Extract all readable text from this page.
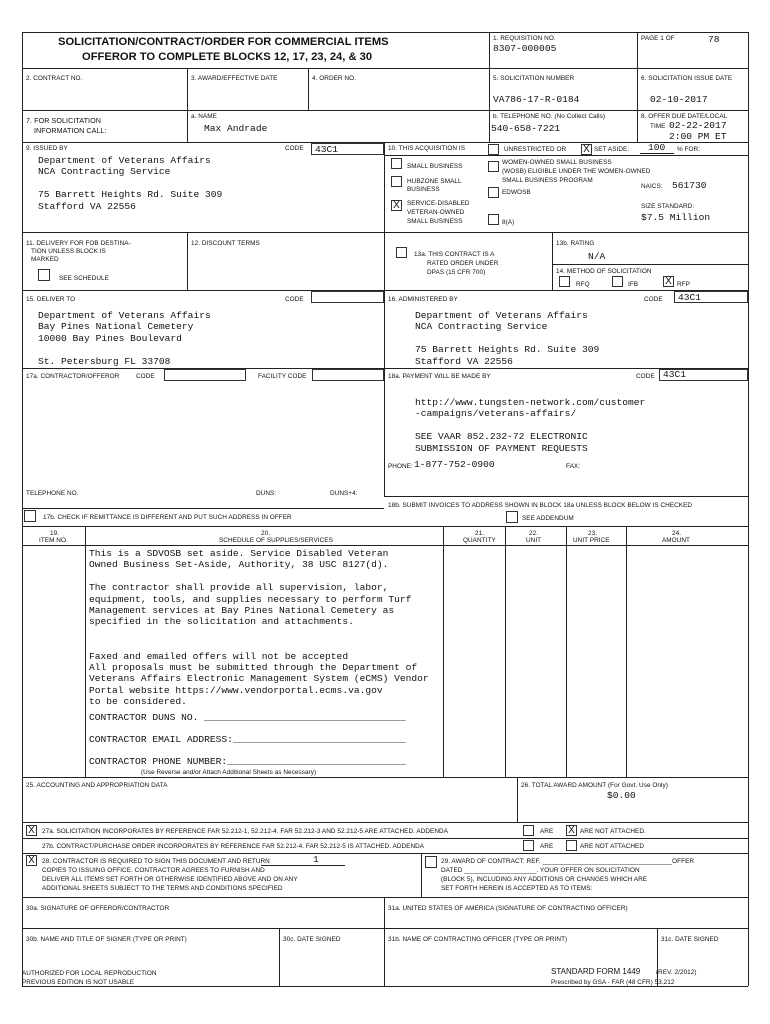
SOLICITATION/CONTRACT/ORDER FOR COMMERCIAL ITEMS
OFFEROR TO COMPLETE BLOCKS 12, 17, 23, 24, & 30
1. REQUISITION NO.
8307-000005
PAGE 1 OF	78
2. CONTRACT NO.	3. AWARD/EFFECTIVE DATE	4. ORDER NO.	5. SOLICITATION NUMBER
VA786-17-R-0184
6. SOLICITATION ISSUE DATE
02-10-2017
7. FOR SOLICITATION
INFORMATION CALL:
a. NAME
Max Andrade
b. TELEPHONE NO. (No Collect Calls)
540-658-7221
8. OFFER DUE DATE/LOCAL
TIME 02-22-2017
2:00 PM ET
9. ISSUED BY	CODE 43C1
Department of Veterans Affairs
NCA Contracting Service

75 Barrett Heights Rd. Suite 309
Stafford VA 22556
10. THIS ACQUISITION IS	UNRESTRICTED OR X SET ASIDE: 100 % FOR:
SMALL BUSINESS
HUBZONE SMALL
BUSINESS
X	SERVICE-DISABLED
VETERAN-OWNED
SMALL BUSINESS
WOMEN-OWNED SMALL BUSINESS
(WOSB) ELIGIBLE UNDER THE WOMEN-OWNED
SMALL BUSINESS PROGRAM
EDWOSB
8(A)
NAICS: 561730
SIZE STANDARD:
$7.5 Million
11. DELIVERY FOR FOB DESTINA-
TION UNLESS BLOCK IS
MARKED
SEE SCHEDULE
12. DISCOUNT TERMS
13a. THIS CONTRACT IS A
RATED ORDER UNDER
DPAS (15 CFR 700)
13b. RATING
N/A
14. METHOD OF SOLICITATION
RFQ	IFB	X RFP
15. DELIVER TO	CODE
Department of Veterans Affairs
Bay Pines National Cemetery
10000 Bay Pines Boulevard

St. Petersburg FL 33708
16. ADMINISTERED BY	CODE 43C1
Department of Veterans Affairs
NCA Contracting Service

75 Barrett Heights Rd. Suite 309
Stafford VA 22556
17a. CONTRACTOR/OFFEROR	CODE	FACILITY CODE
TELEPHONE NO.	DUNS:	DUNS+4:
17b. CHECK IF REMITTANCE IS DIFFERENT AND PUT SUCH ADDRESS IN OFFER
18a. PAYMENT WILL BE MADE BY	CODE 43C1
http://www.tungsten-network.com/customer
-campaigns/veterans-affairs/

SEE VAAR 852.232-72 ELECTRONIC
SUBMISSION OF PAYMENT REQUESTS
PHONE: 1-877-752-0900	FAX:
18b. SUBMIT INVOICES TO ADDRESS SHOWN IN BLOCK 18a UNLESS BLOCK BELOW IS CHECKED
SEE ADDENDUM
19.
ITEM NO.
20.
SCHEDULE OF SUPPLIES/SERVICES
21.
QUANTITY
22.
UNIT
23.
UNIT PRICE
24.
AMOUNT
This is a SDVOSB set aside. Service Disabled Veteran
Owned Business Set-Aside, Authority, 38 USC 8127(d).

The contractor shall provide all supervision, labor,
equipment, tools, and supplies necessary to perform Turf
Management services at Bay Pines National Cemetery as
specified in the solicitation and attachments.

Faxed and emailed offers will not be accepted
All proposals must be submitted through the Department of
Veterans Affairs Electronic Management System (eCMS) Vendor
Portal website https://www.vendorportal.ecms.va.gov
to be considered.
CONTRACTOR DUNS NO. ___________________________________
CONTRACTOR EMAIL ADDRESS:______________________________
CONTRACTOR PHONE NUMBER:_______________________________
(Use Reverse and/or Attach Additional Sheets as Necessary)
25. ACCOUNTING AND APPROPRIATION DATA	26. TOTAL AWARD AMOUNT (For Govt. Use Only)
$0.00
X	27a. SOLICITATION INCORPORATES BY REFERENCE FAR 52.212-1, 52.212-4. FAR 52.212-3 AND 52.212-5 ARE ATTACHED. ADDENDA	ARE X ARE NOT ATTACHED.
27b. CONTRACT/PURCHASE ORDER INCORPORATES BY REFERENCE FAR 52.212-4. FAR 52.212-5 IS ATTACHED. ADDENDA	ARE	ARE NOT ATTACHED
X	28. CONTRACTOR IS REQUIRED TO SIGN THIS DOCUMENT AND RETURN	1
COPIES TO ISSUING OFFICE. CONTRACTOR AGREES TO FURNISH AND
DELIVER ALL ITEMS SET FORTH OR OTHERWISE IDENTIFIED ABOVE AND ON ANY
ADDITIONAL SHEETS SUBJECT TO THE TERMS AND CONDITIONS SPECIFIED
29. AWARD OF CONTRACT: REF. ____________________________________OFFER
DATED ____________________. YOUR OFFER ON SOLICITATION
(BLOCK 5), INCLUDING ANY ADDITIONS OR CHANGES WHICH ARE
SET FORTH HEREIN IS ACCEPTED AS TO ITEMS:
30a. SIGNATURE OF OFFEROR/CONTRACTOR	31a. UNITED STATES OF AMERICA (SIGNATURE OF CONTRACTING OFFICER)
30b. NAME AND TITLE OF SIGNER (TYPE OR PRINT)	30c. DATE SIGNED	31b. NAME OF CONTRACTING OFFICER (TYPE OR PRINT)	31c. DATE SIGNED
AUTHORIZED FOR LOCAL REPRODUCTION
PREVIOUS EDITION IS NOT USABLE
STANDARD FORM 1449 (REV. 2/2012)
Prescribed by GSA - FAR (48 CFR) 53.212
